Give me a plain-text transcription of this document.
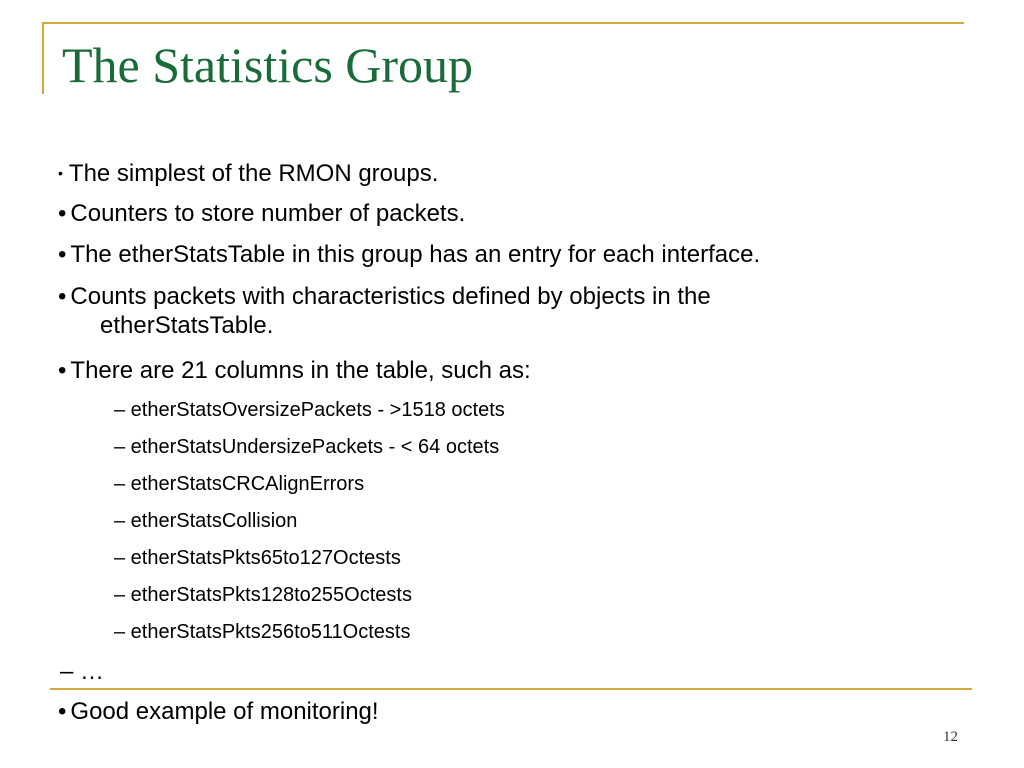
The Statistics Group
• The simplest of the RMON groups.
• Counters to store number of packets.
• The etherStatsTable in this group has an entry for each interface.
• Counts packets with characteristics defined by objects in the
etherStatsTable.
• There are 21 columns in the table, such as:
– etherStatsOversizePackets - >1518 octets
– etherStatsUndersizePackets - < 64 octets
– etherStatsCRCAlignErrors
– etherStatsCollision
– etherStatsPkts65to127Octests
– etherStatsPkts128to255Octests
– etherStatsPkts256to511Octests
– …
• Good example of monitoring!
12
